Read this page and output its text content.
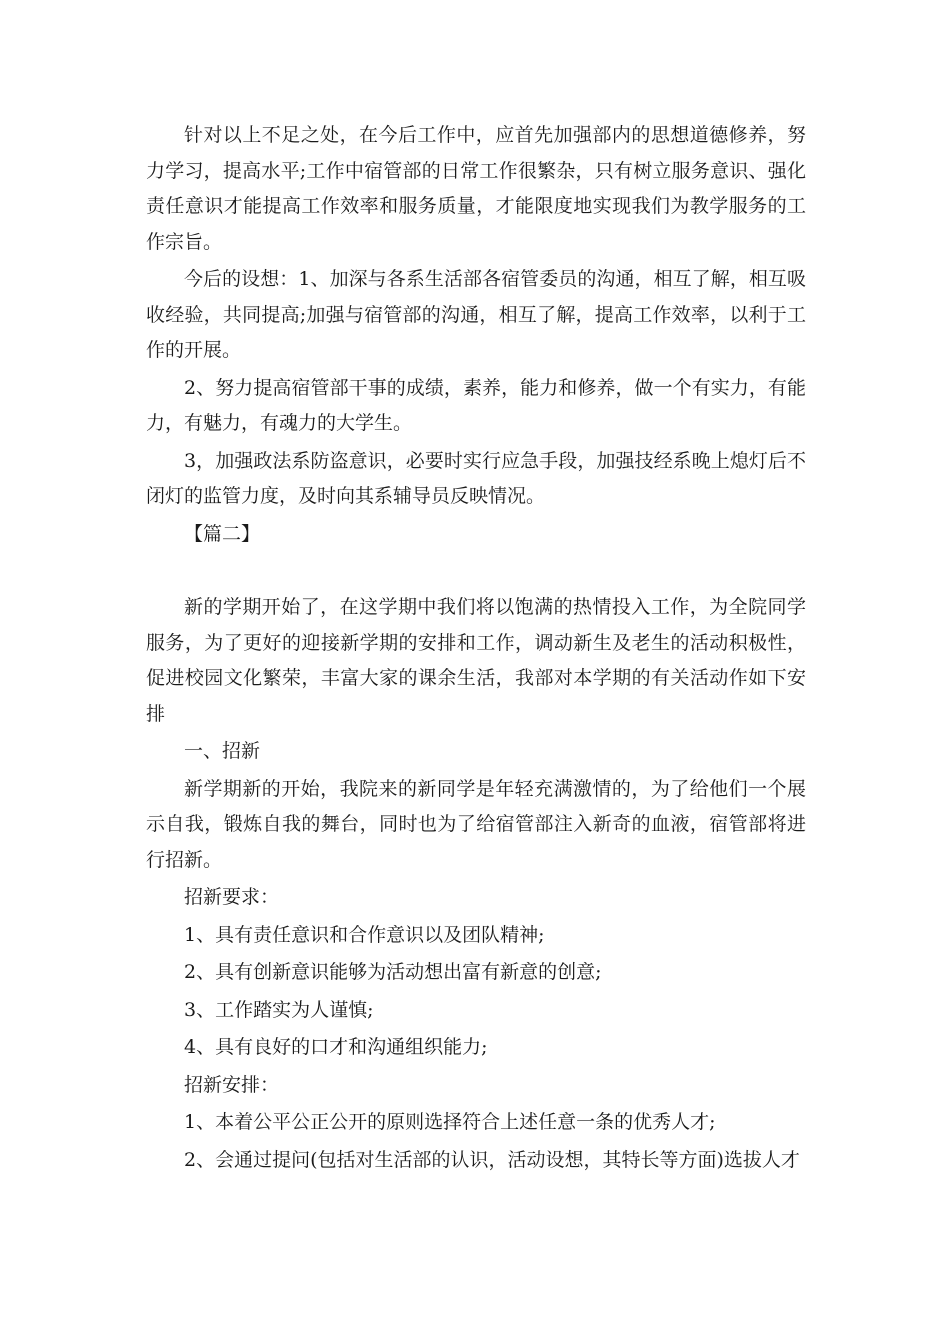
针对以上不足之处，在今后工作中，应首先加强部内的思想道德修养，努力学习，提高水平;工作中宿管部的日常工作很繁杂，只有树立服务意识、强化责任意识才能提高工作效率和服务质量，才能限度地实现我们为教学服务的工作宗旨。

今后的设想：1、加深与各系生活部各宿管委员的沟通，相互了解，相互吸收经验，共同提高;加强与宿管部的沟通，相互了解，提高工作效率，以利于工作的开展。

2、努力提高宿管部干事的成绩，素养，能力和修养，做一个有实力，有能力，有魅力，有魂力的大学生。

3，加强政法系防盗意识，必要时实行应急手段，加强技经系晚上熄灯后不闭灯的监管力度，及时向其系辅导员反映情况。

【篇二】

新的学期开始了，在这学期中我们将以饱满的热情投入工作，为全院同学服务，为了更好的迎接新学期的安排和工作，调动新生及老生的活动积极性，促进校园文化繁荣，丰富大家的课余生活，我部对本学期的有关活动作如下安排

一、招新

新学期新的开始，我院来的新同学是年轻充满激情的，为了给他们一个展示自我，锻炼自我的舞台，同时也为了给宿管部注入新奇的血液，宿管部将进行招新。

招新要求：

1、具有责任意识和合作意识以及团队精神;

2、具有创新意识能够为活动想出富有新意的创意;

3、工作踏实为人谨慎;

4、具有良好的口才和沟通组织能力;

招新安排：

1、本着公平公正公开的原则选择符合上述任意一条的优秀人才;

2、会通过提问(包括对生活部的认识，活动设想，其特长等方面)选拔人才
